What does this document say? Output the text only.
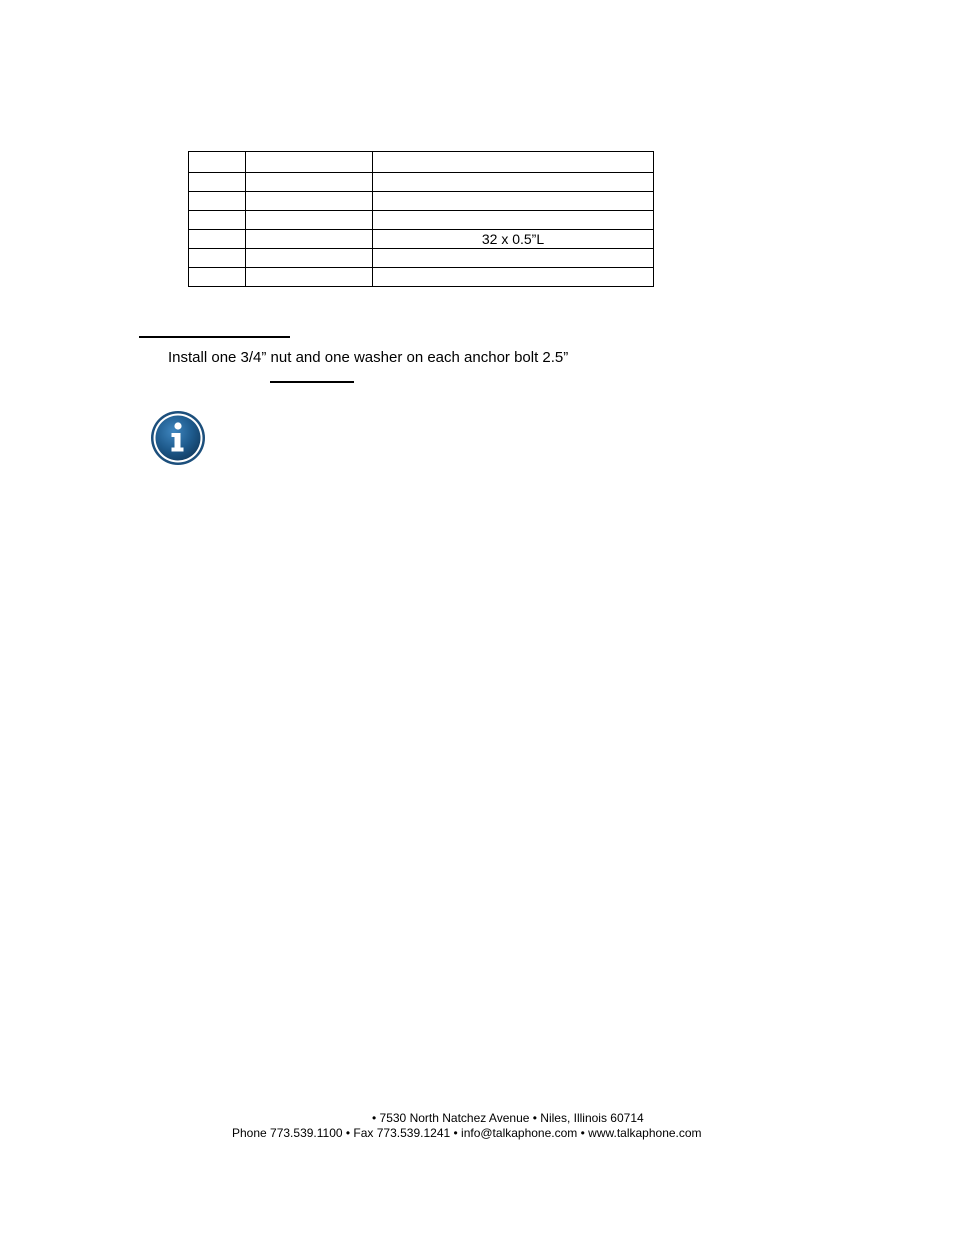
		32 x 0.5”L

Install one 3/4” nut and one washer on each anchor bolt 2.5”
• 7530 North Natchez Avenue • Niles, Illinois 60714
Phone 773.539.1100 • Fax 773.539.1241 • info@talkaphone.com • www.talkaphone.com
